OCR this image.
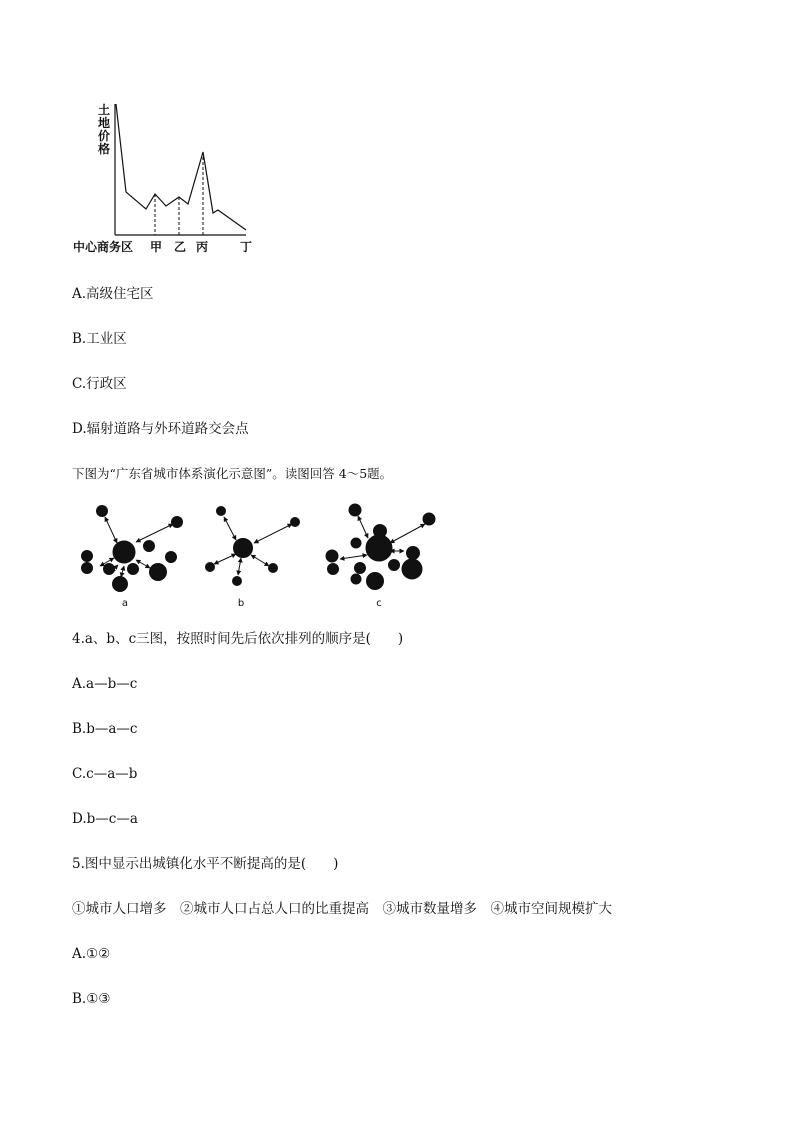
土
地
价
格
中心商务区 甲 乙 丙	丁
A.高级住宅区
B.工业区
C.行政区
D.辐射道路与外环道路交会点
下图为“广东省城市体系演化示意图”。读图回答 4～5题。
a	b	c
4.a、b、c三图，按照时间先后依次排列的顺序是(　　)
A.a—b—c
B.b—a—c
C.c—a—b
D.b—c—a
5.图中显示出城镇化水平不断提高的是(　　)
①城市人口增多　②城市人口占总人口的比重提高　③城市数量增多　④城市空间规模扩大
A.①②
B.①③
